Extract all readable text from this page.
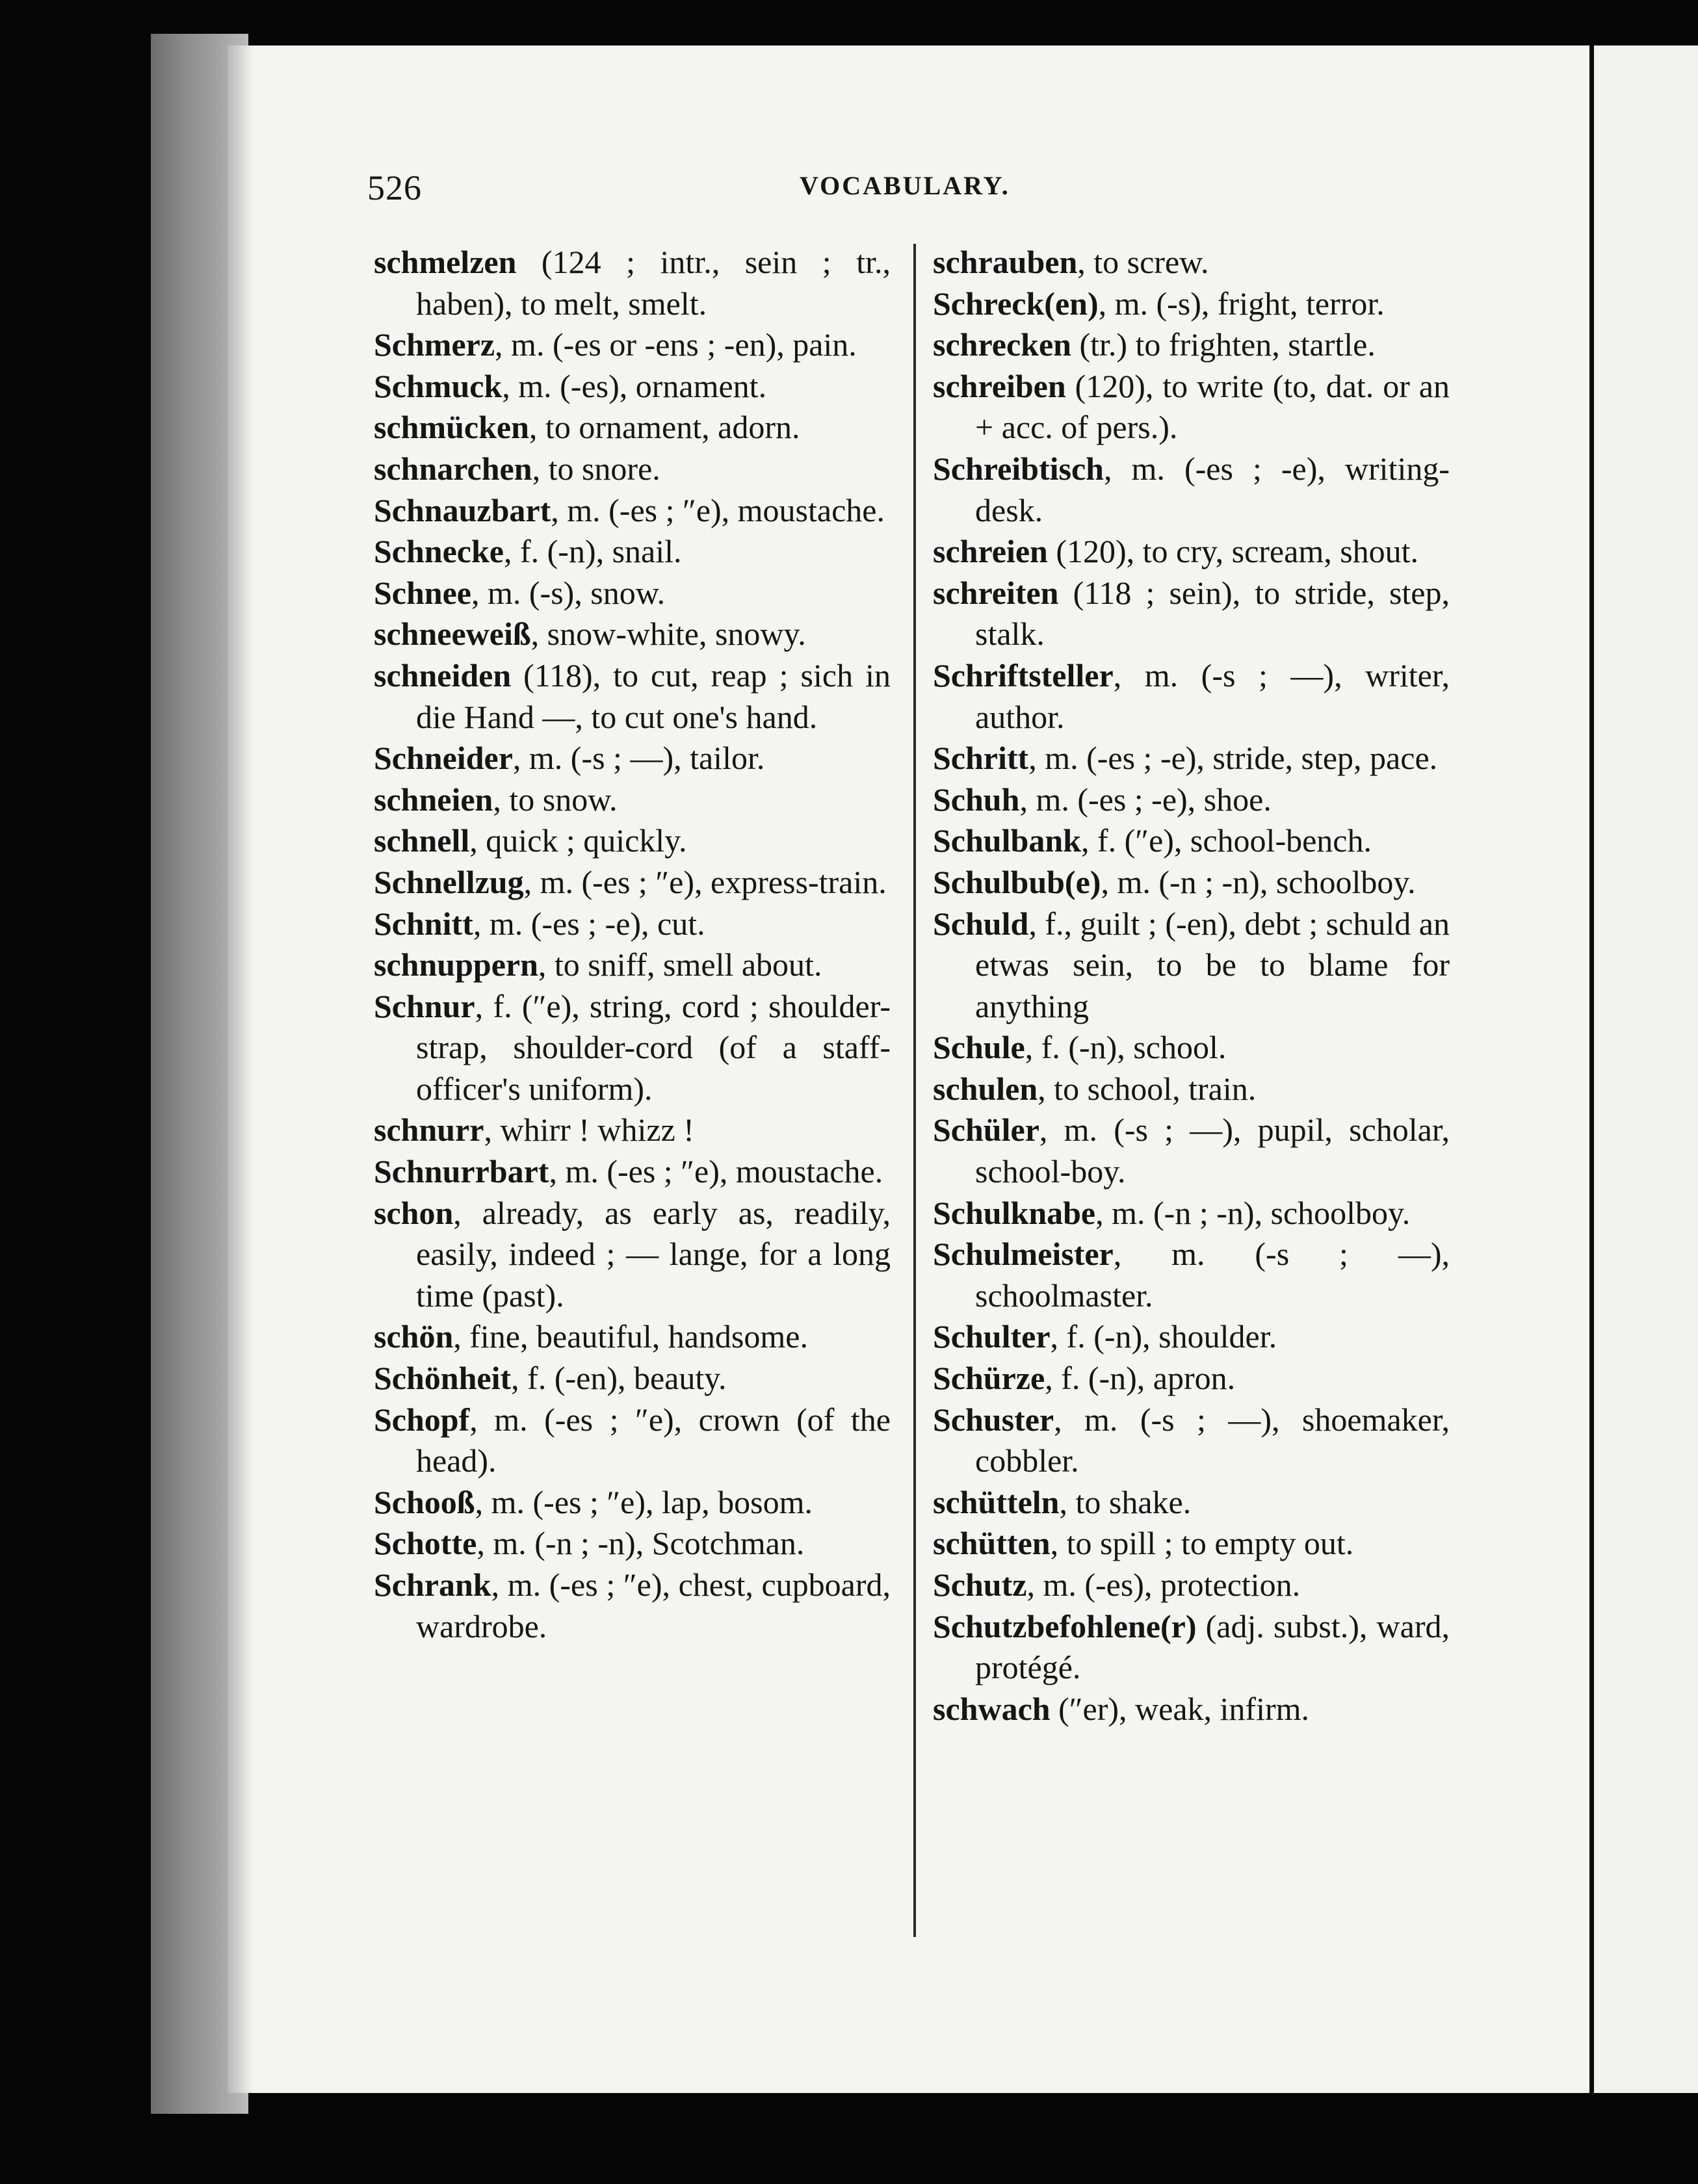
526	VOCABULARY.
schmelzen (124 ; intr., sein ; tr., haben), to melt, smelt.
Schmerz, m. (-es or -ens ; -en), pain.
Schmuck, m. (-es), ornament.
schmücken, to ornament, adorn.
schnarchen, to snore.
Schnauzbart, m. (-es ; ″e), moustache.
Schnecke, f. (-n), snail.
Schnee, m. (-s), snow.
schneeweiß, snow-white, snowy.
schneiden (118), to cut, reap ; sich in die Hand —, to cut one's hand.
Schneider, m. (-s ; —), tailor.
schneien, to snow.
schnell, quick ; quickly.
Schnellzug, m. (-es ; ″e), express-train.
Schnitt, m. (-es ; -e), cut.
schnuppern, to sniff, smell about.
Schnur, f. (″e), string, cord ; shoulder-strap, shoulder-cord (of a staff-officer's uniform).
schnurr, whirr ! whizz !
Schnurrbart, m. (-es ; ″e), moustache.
schon, already, as early as, readily, easily, indeed ; — lange, for a long time (past).
schön, fine, beautiful, handsome.
Schönheit, f. (-en), beauty.
Schopf, m. (-es ; ″e), crown (of the head).
Schooß, m. (-es ; ″e), lap, bosom.
Schotte, m. (-n ; -n), Scotchman.
Schrank, m. (-es ; ″e), chest, cupboard, wardrobe.
schrauben, to screw.
Schreck(en), m. (-s), fright, terror.
schrecken (tr.) to frighten, startle.
schreiben (120), to write (to, dat. or an + acc. of pers.).
Schreibtisch, m. (-es ; -e), writing-desk.
schreien (120), to cry, scream, shout.
schreiten (118 ; sein), to stride, step, stalk.
Schriftsteller, m. (-s ; —), writer, author.
Schritt, m. (-es ; -e), stride, step, pace.
Schuh, m. (-es ; -e), shoe.
Schulbank, f. (″e), school-bench.
Schulbub(e), m. (-n ; -n), schoolboy.
Schuld, f., guilt ; (-en), debt ; schuld an etwas sein, to be to blame for anything
Schule, f. (-n), school.
schulen, to school, train.
Schüler, m. (-s ; —), pupil, scholar, school-boy.
Schulknabe, m. (-n ; -n), schoolboy.
Schulmeister, m. (-s ; —), schoolmaster.
Schulter, f. (-n), shoulder.
Schürze, f. (-n), apron.
Schuster, m. (-s ; —), shoemaker, cobbler.
schütteln, to shake.
schütten, to spill ; to empty out.
Schutz, m. (-es), protection.
Schutzbefohlene(r) (adj. subst.), ward, protégé.
schwach (″er), weak, infirm.
